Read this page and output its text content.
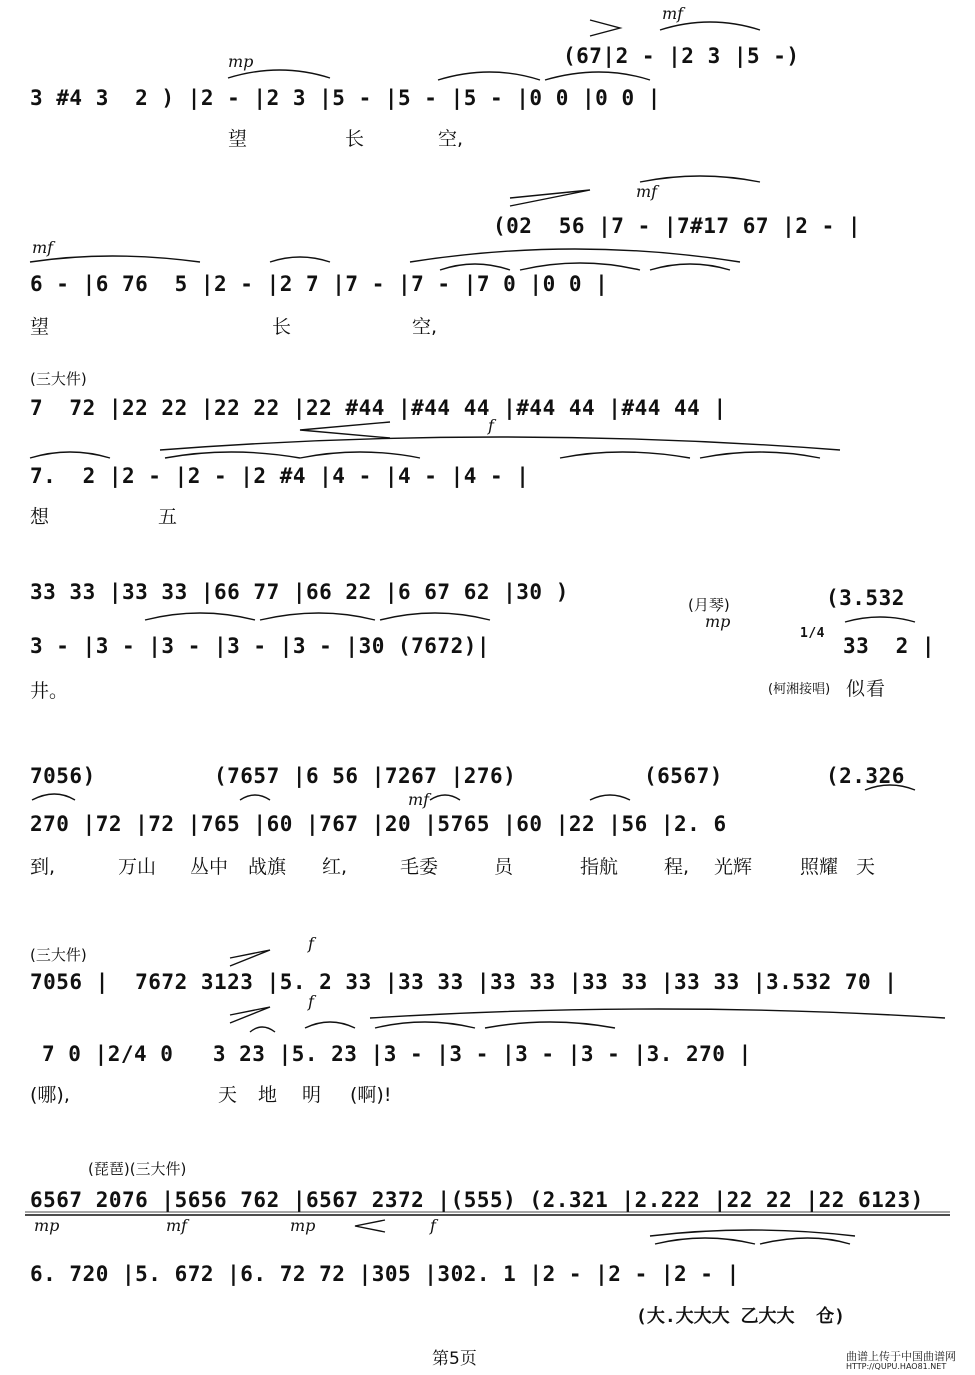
mf
(67|2 - |2 3 |5 -)
mp
3 #4 3  2 ) |2 - |2 3 |5 - |5 - |5 - |0 0 |0 0 |
望	长	空,
mf
(02  56 |7 - |7#17 67 |2 - |
mf
6 - |6 76  5 |2 - |2 7 |7 - |7 - |7 0 |0 0 |
望	长	空,
(三大件)
7  72 |22 22 |22 22 |22 #44 |#44 44 |#44 44 |#44 44 |
f
7.  2 |2 - |2 - |2 #4 |4 - |4 - |4 - |
想	五
33 33 |33 33 |66 77 |66 22 |6 67 62 |30 )
(月琴)	(3.532
mp
3 - |3 - |3 - |3 - |3 - |30 (7672)|
1/4
33  2 |
井。	(柯湘接唱) 似 看
7056)	(7657 |6 56 |7267 |276)	(6567)	(2.326
mf
270 |72 |72 |765 |60 |767 |20 |5765 |60 |22 |56 |2. 6
到,	万山 丛中 战旗 红,	毛委	员	指航 程, 光辉	照耀 天
(三大件)
f
7056 |  7672 3123 |5. 2 33 |33 33 |33 33 |33 33 |33 33 |3.532 70 |
f
7 0 |2/4 0   3 23 |5. 23 |3 - |3 - |3 - |3 - |3. 270 |
(哪),	天 地 明 (啊)!
(琵琶)(三大件)
6567 2076 |5656 762 |6567 2372 |(555) (2.321 |2.222 |22 22 |22 6123)
mp	mf	mp	f
6. 720 |5. 672 |6. 72 72 |305 |302. 1 |2 - |2 - |2 - |
(大.大大大 乙大大  仓)
第5页	曲谱上传于中国曲谱网
HTTP://QUPU.HAO81.NET
